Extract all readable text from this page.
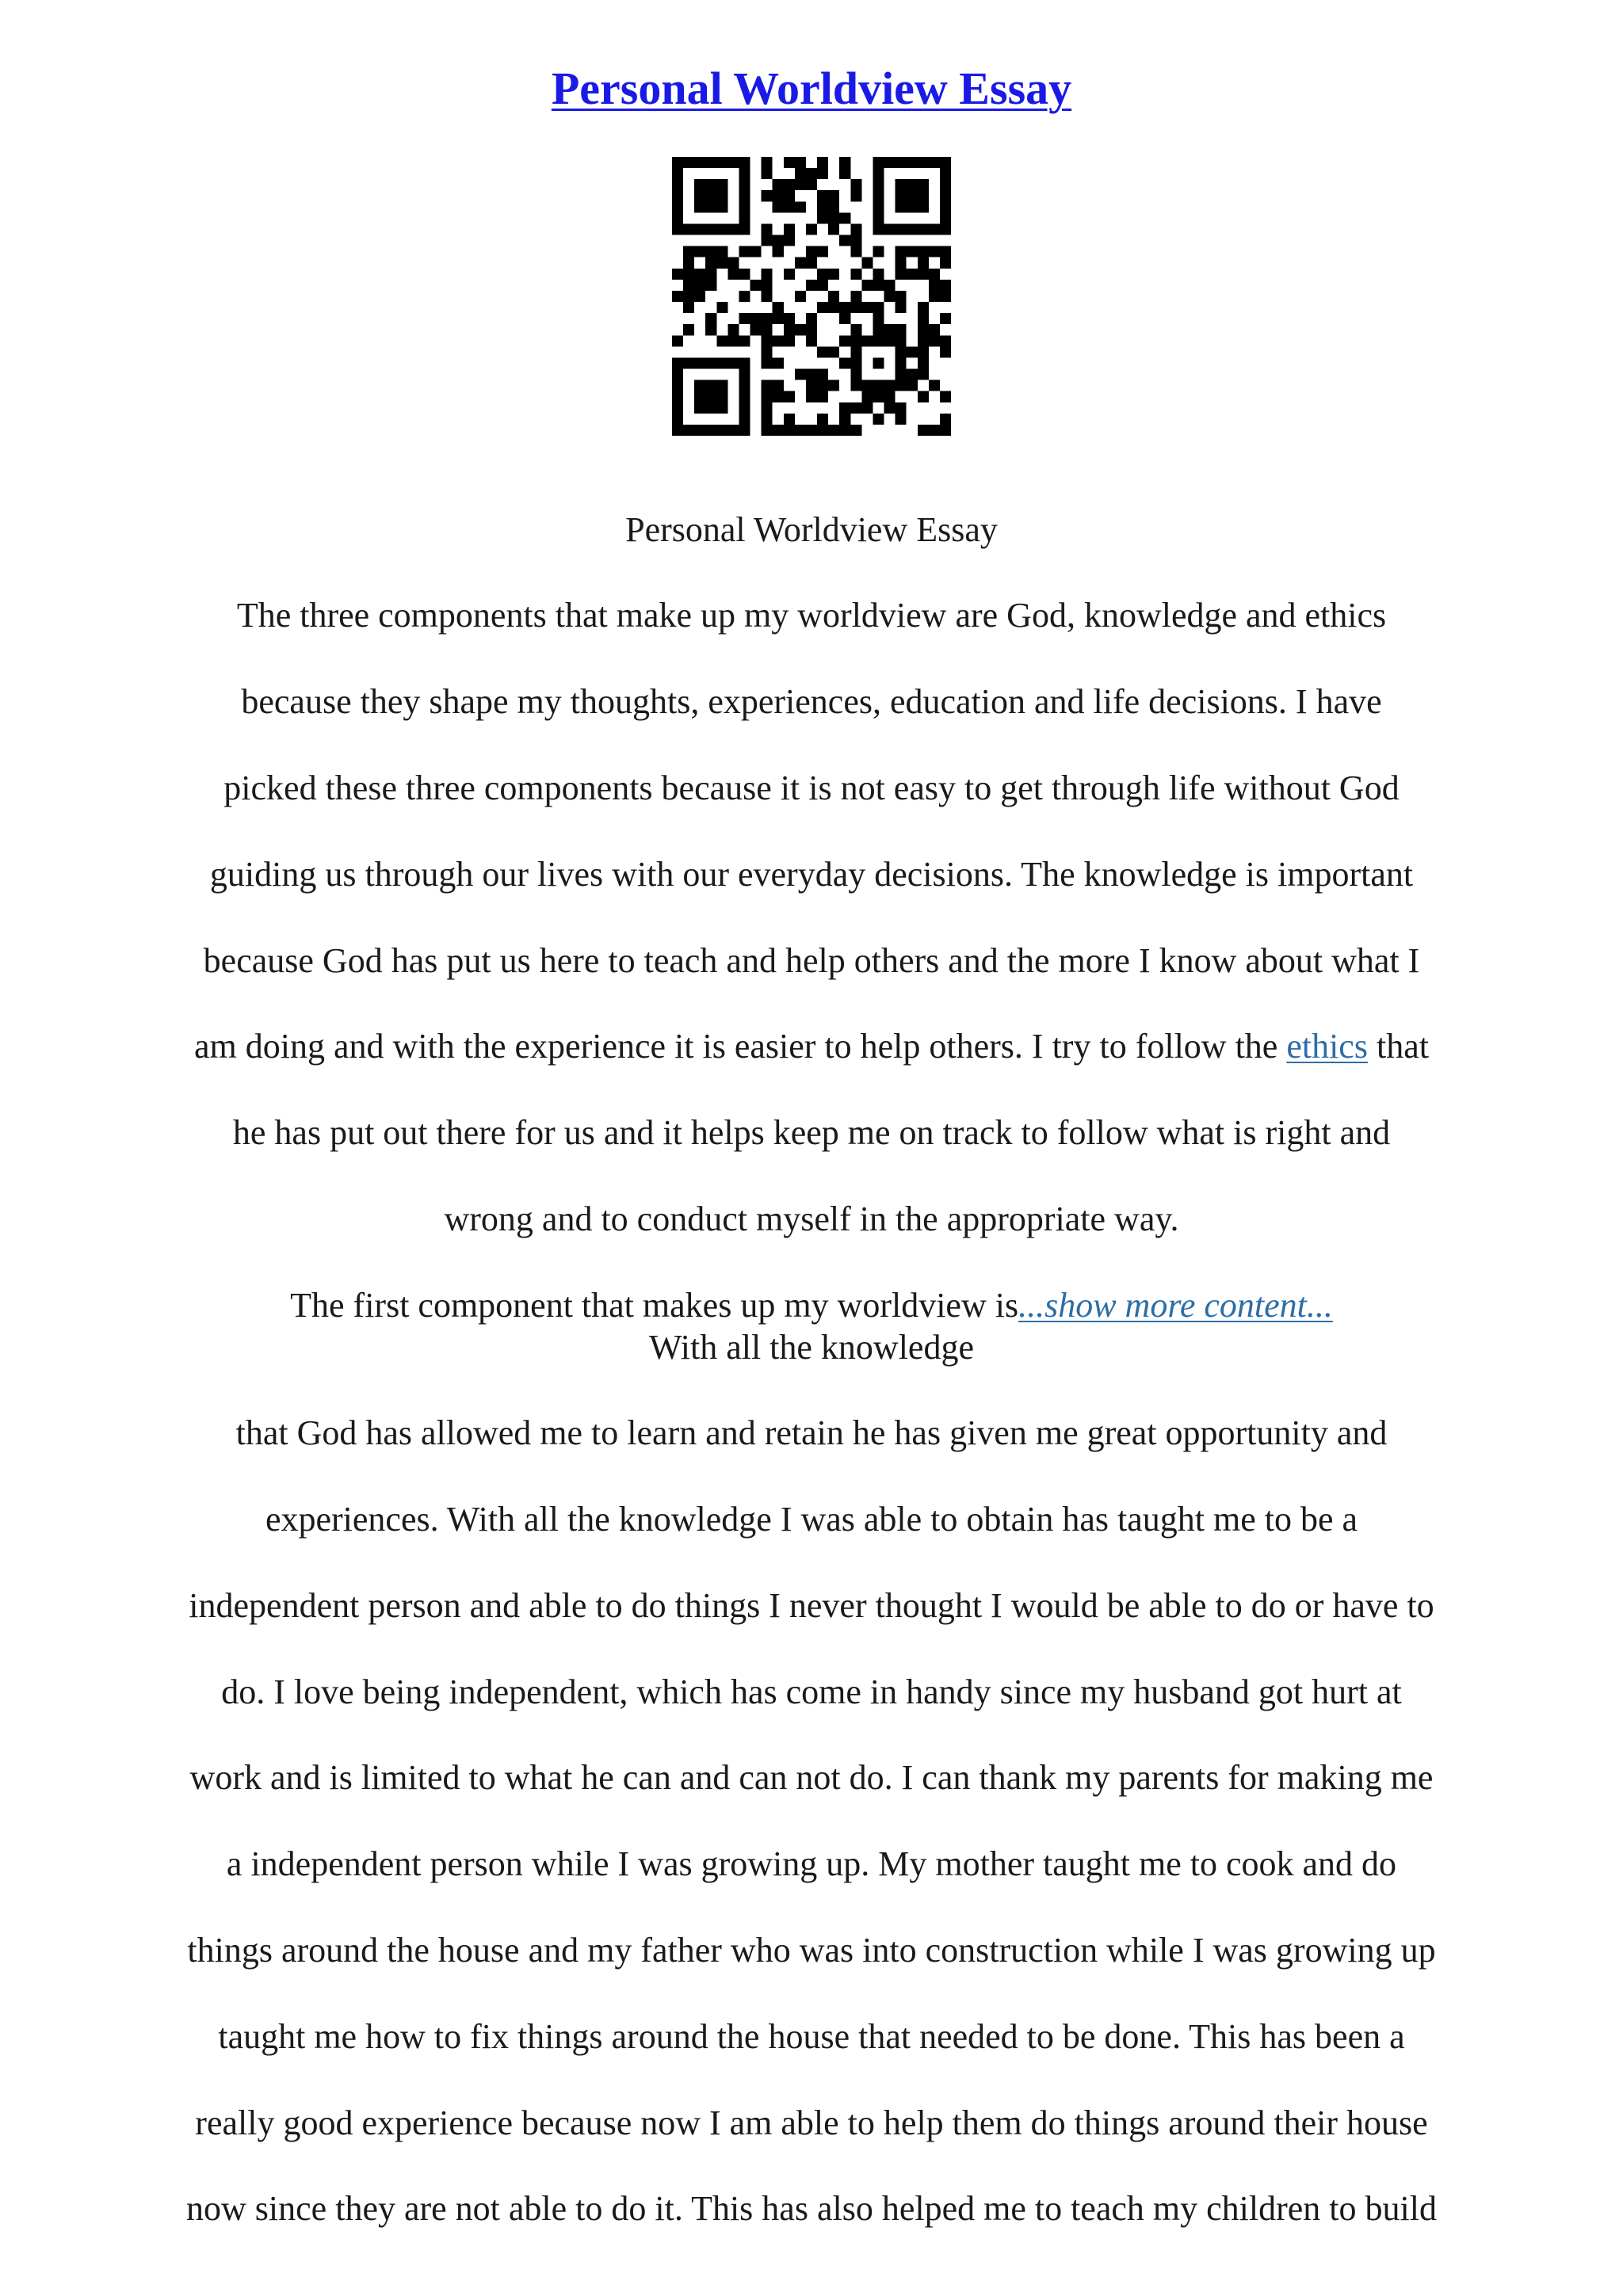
Personal Worldview Essay
Personal Worldview Essay
The three components that make up my worldview are God, knowledge and ethics
because they shape my thoughts, experiences, education and life decisions. I have
picked these three components because it is not easy to get through life without God
guiding us through our lives with our everyday decisions. The knowledge is important
because God has put us here to teach and help others and the more I know about what I
am doing and with the experience it is easier to help others. I try to follow the ethics that
he has put out there for us and it helps keep me on track to follow what is right and
wrong and to conduct myself in the appropriate way.
The first component that makes up my worldview is...show more content...
With all the knowledge
that God has allowed me to learn and retain he has given me great opportunity and
experiences. With all the knowledge I was able to obtain has taught me to be a
independent person and able to do things I never thought I would be able to do or have to
do. I love being independent, which has come in handy since my husband got hurt at
work and is limited to what he can and can not do. I can thank my parents for making me
a independent person while I was growing up. My mother taught me to cook and do
things around the house and my father who was into construction while I was growing up
taught me how to fix things around the house that needed to be done. This has been a
really good experience because now I am able to help them do things around their house
now since they are not able to do it. This has also helped me to teach my children to build
